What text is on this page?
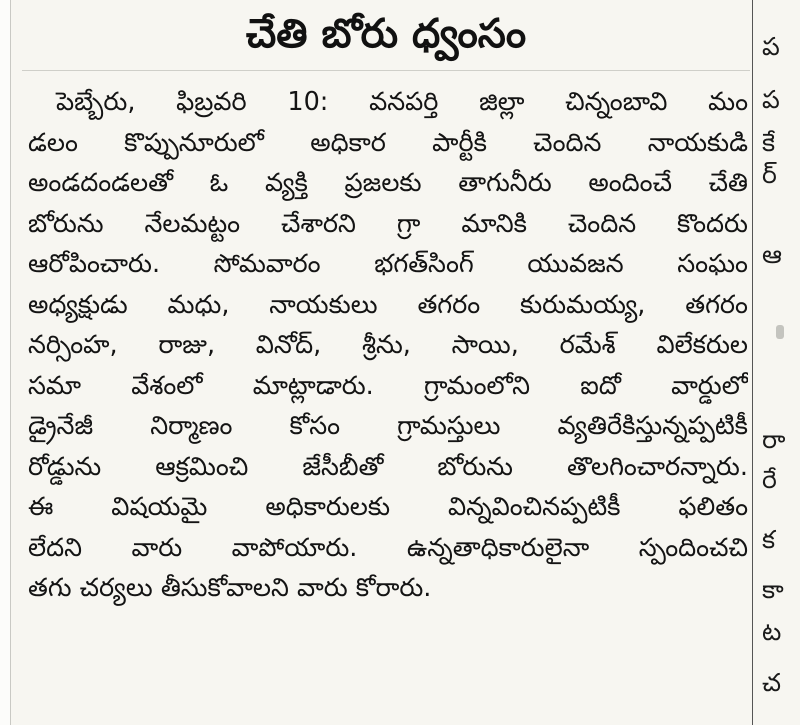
చేతి బోరు ధ్వంసం
పెబ్బేరు, ఫిబ్రవరి 10: వనపర్తి జిల్లా చిన్నంబావి మం
డలం కొప్పునూరులో అధికార పార్టీకి చెందిన నాయకుడి
అండదండలతో ఓ వ్యక్తి ప్రజలకు తాగునీరు అందించే చేతి
బోరును నేలమట్టం చేశారని గ్రా మానికి చెందిన కొందరు
ఆరోపించారు. సోమవారం భగత్‌సింగ్ యువజన సంఘం
అధ్యక్షుడు మధు, నాయకులు తగరం కురుమయ్య, తగరం
నర్సింహ, రాజు, వినోద్, శ్రీను, సాయి, రమేశ్ విలేకరుల
సమా వేశంలో మాట్లాడారు. గ్రామంలోని ఐదో వార్డులో
డ్రైనేజీ నిర్మాణం కోసం గ్రామస్తులు వ్యతిరేకిస్తున్నప్పటికీ
రోడ్డును ఆక్రమించి జేసీబీతో బోరును తొలగించారన్నారు.
ఈ విషయమై అధికారులకు విన్నవించినప్పటికీ ఫలితం
లేదని వారు వాపోయారు. ఉన్నతాధికారులైనా స్పందించచి
తగు చర్యలు తీసుకోవాలని వారు కోరారు.
ప
ప
కే
ర్
ఆ
రా
రే
క
కా
ట
చ
